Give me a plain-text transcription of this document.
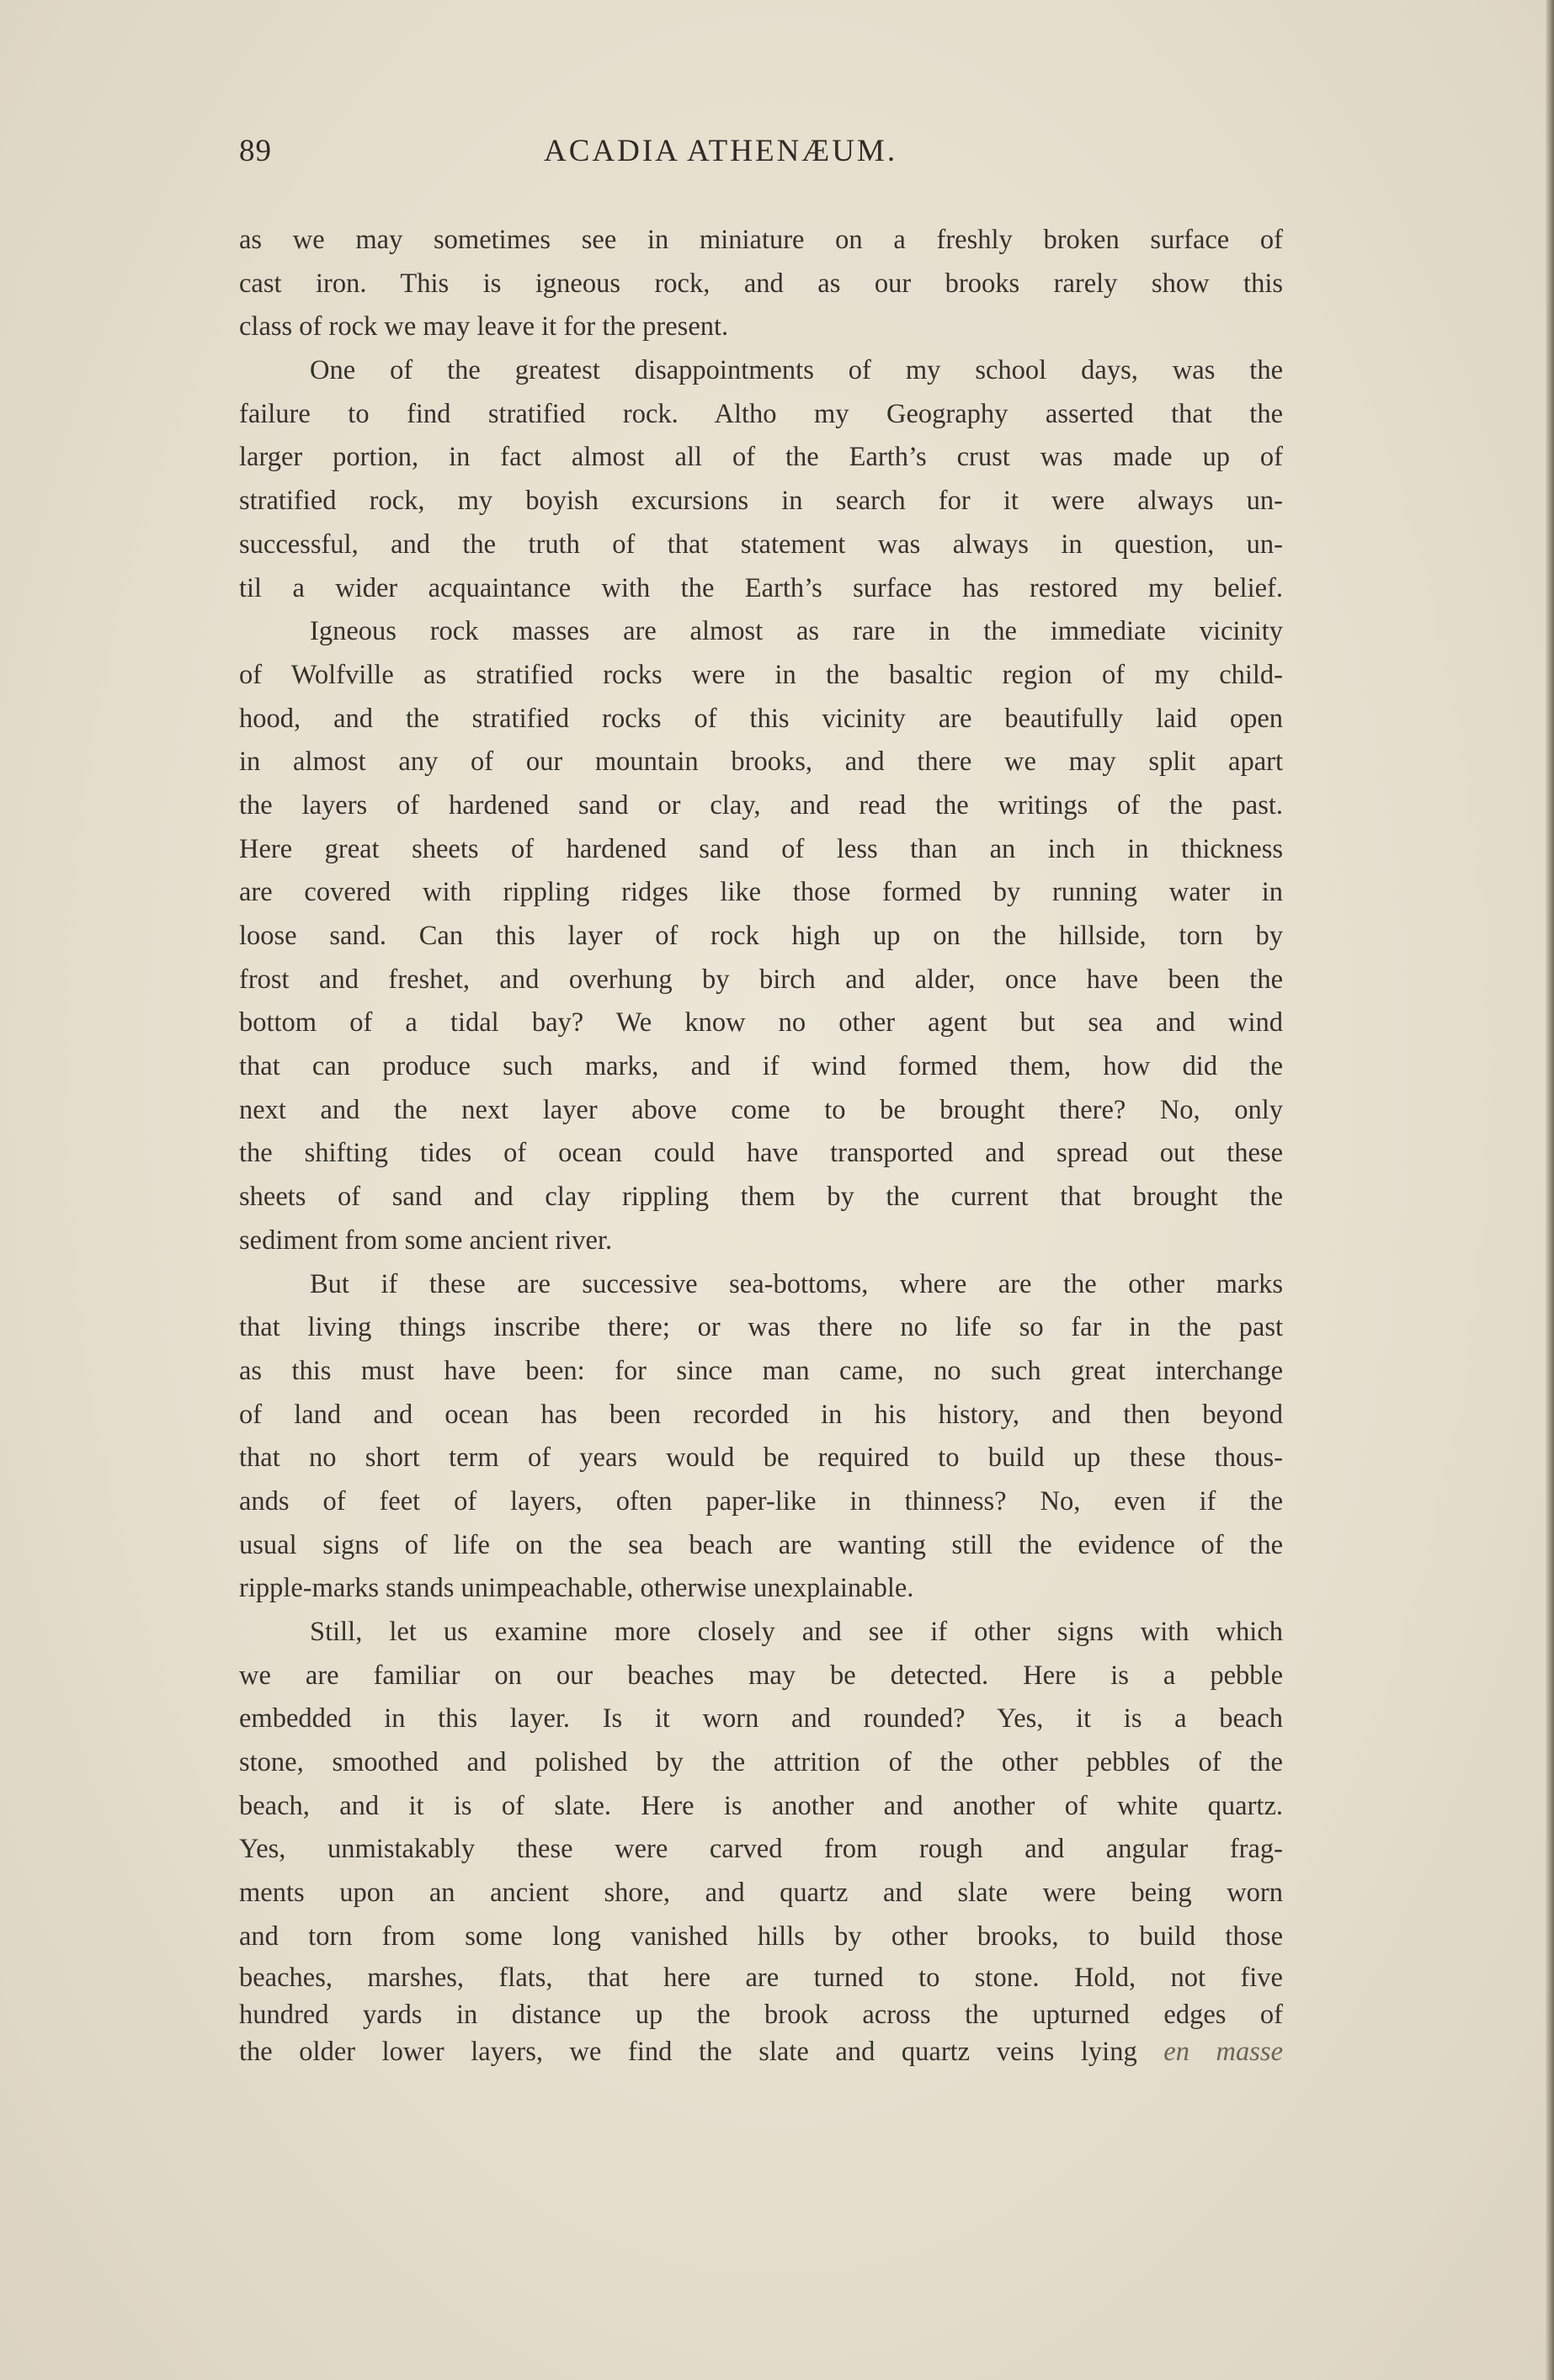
89	ACADIA ATHENÆUM.
as we may sometimes see in miniature on a freshly broken surface of
cast iron. This is igneous rock, and as our brooks rarely show this
class of rock we may leave it for the present.
One of the greatest disappointments of my school days, was the
failure to find stratified rock. Altho my Geography asserted that the
larger portion, in fact almost all of the Earth’s crust was made up of
stratified rock, my boyish excursions in search for it were always un-
successful, and the truth of that statement was always in question, un-
til a wider acquaintance with the Earth’s surface has restored my belief.
Igneous rock masses are almost as rare in the immediate vicinity
of Wolfville as stratified rocks were in the basaltic region of my child-
hood, and the stratified rocks of this vicinity are beautifully laid open
in almost any of our mountain brooks, and there we may split apart
the layers of hardened sand or clay, and read the writings of the past.
Here great sheets of hardened sand of less than an inch in thickness
are covered with rippling ridges like those formed by running water in
loose sand. Can this layer of rock high up on the hillside, torn by
frost and freshet, and overhung by birch and alder, once have been the
bottom of a tidal bay? We know no other agent but sea and wind
that can produce such marks, and if wind formed them, how did the
next and the next layer above come to be brought there? No, only
the shifting tides of ocean could have transported and spread out these
sheets of sand and clay rippling them by the current that brought the
sediment from some ancient river.
But if these are successive sea-bottoms, where are the other marks
that living things inscribe there; or was there no life so far in the past
as this must have been: for since man came, no such great interchange
of land and ocean has been recorded in his history, and then beyond
that no short term of years would be required to build up these thous-
ands of feet of layers, often paper-like in thinness? No, even if the
usual signs of life on the sea beach are wanting still the evidence of the
ripple-marks stands unimpeachable, otherwise unexplainable.
Still, let us examine more closely and see if other signs with which
we are familiar on our beaches may be detected. Here is a pebble
embedded in this layer. Is it worn and rounded? Yes, it is a beach
stone, smoothed and polished by the attrition of the other pebbles of the
beach, and it is of slate. Here is another and another of white quartz.
Yes, unmistakably these were carved from rough and angular frag-
ments upon an ancient shore, and quartz and slate were being worn
and torn from some long vanished hills by other brooks, to build those
beaches, marshes, flats, that here are turned to stone. Hold, not five
hundred yards in distance up the brook across the upturned edges of
the older lower layers, we find the slate and quartz veins lying en masse
